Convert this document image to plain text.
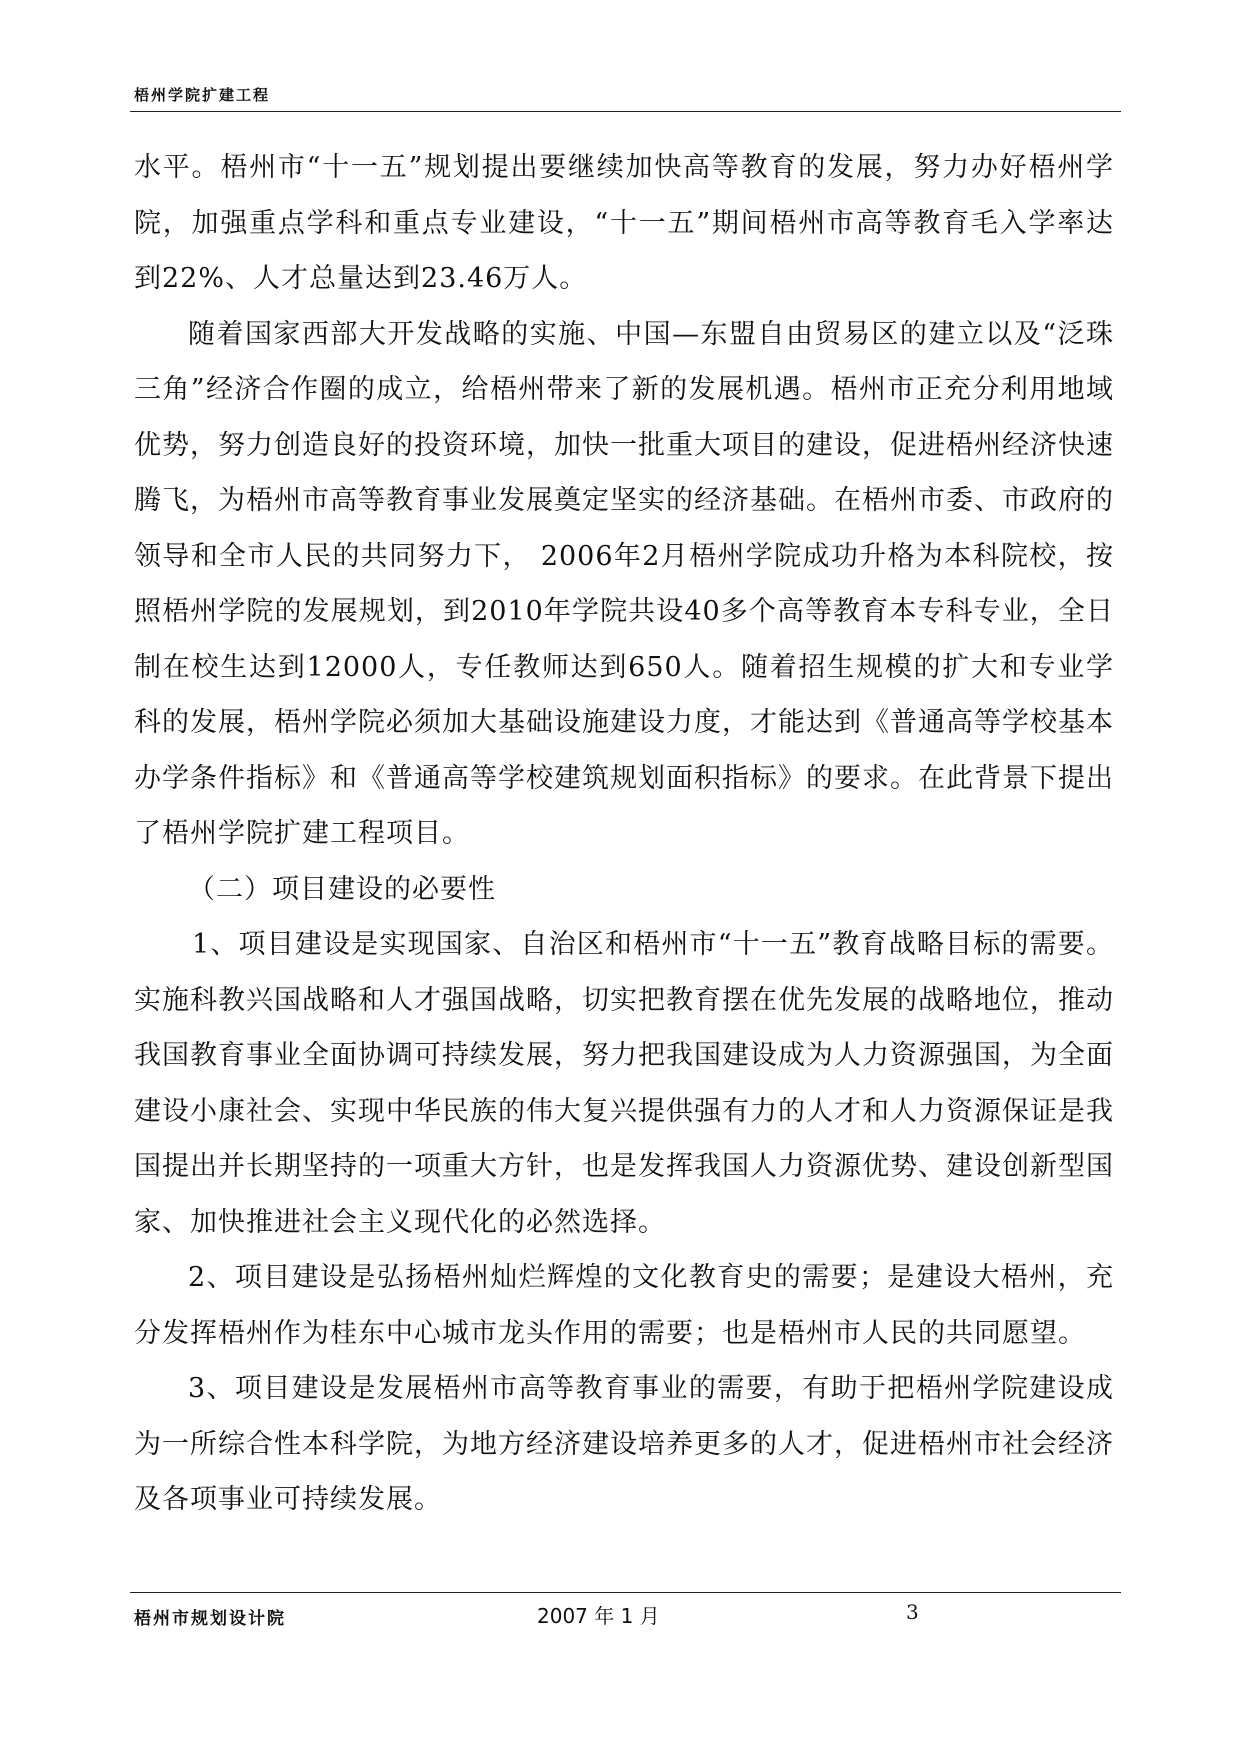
梧州学院扩建工程

水平。梧州市“十一五”规划提出要继续加快高等教育的发展，努力办好梧州学院，加强重点学科和重点专业建设，“十一五”期间梧州市高等教育毛入学率达到22%、人才总量达到23.46万人。

随着国家西部大开发战略的实施、中国—东盟自由贸易区的建立以及“泛珠三角”经济合作圈的成立，给梧州带来了新的发展机遇。梧州市正充分利用地域优势，努力创造良好的投资环境，加快一批重大项目的建设，促进梧州经济快速腾飞，为梧州市高等教育事业发展奠定坚实的经济基础。在梧州市委、市政府的领导和全市人民的共同努力下， 2006年2月梧州学院成功升格为本科院校，按照梧州学院的发展规划，到2010年学院共设40多个高等教育本专科专业，全日制在校生达到12000人，专任教师达到650人。随着招生规模的扩大和专业学科的发展，梧州学院必须加大基础设施建设力度，才能达到《普通高等学校基本办学条件指标》和《普通高等学校建筑规划面积指标》的要求。在此背景下提出了梧州学院扩建工程项目。

（二）项目建设的必要性

1、项目建设是实现国家、自治区和梧州市“十一五”教育战略目标的需要。实施科教兴国战略和人才强国战略，切实把教育摆在优先发展的战略地位，推动我国教育事业全面协调可持续发展，努力把我国建设成为人力资源强国，为全面建设小康社会、实现中华民族的伟大复兴提供强有力的人才和人力资源保证是我国提出并长期坚持的一项重大方针，也是发挥我国人力资源优势、建设创新型国家、加快推进社会主义现代化的必然选择。

2、项目建设是弘扬梧州灿烂辉煌的文化教育史的需要；是建设大梧州，充分发挥梧州作为桂东中心城市龙头作用的需要；也是梧州市人民的共同愿望。

3、项目建设是发展梧州市高等教育事业的需要，有助于把梧州学院建设成为一所综合性本科学院，为地方经济建设培养更多的人才，促进梧州市社会经济及各项事业可持续发展。

梧州市规划设计院	2007 年 1 月	3
